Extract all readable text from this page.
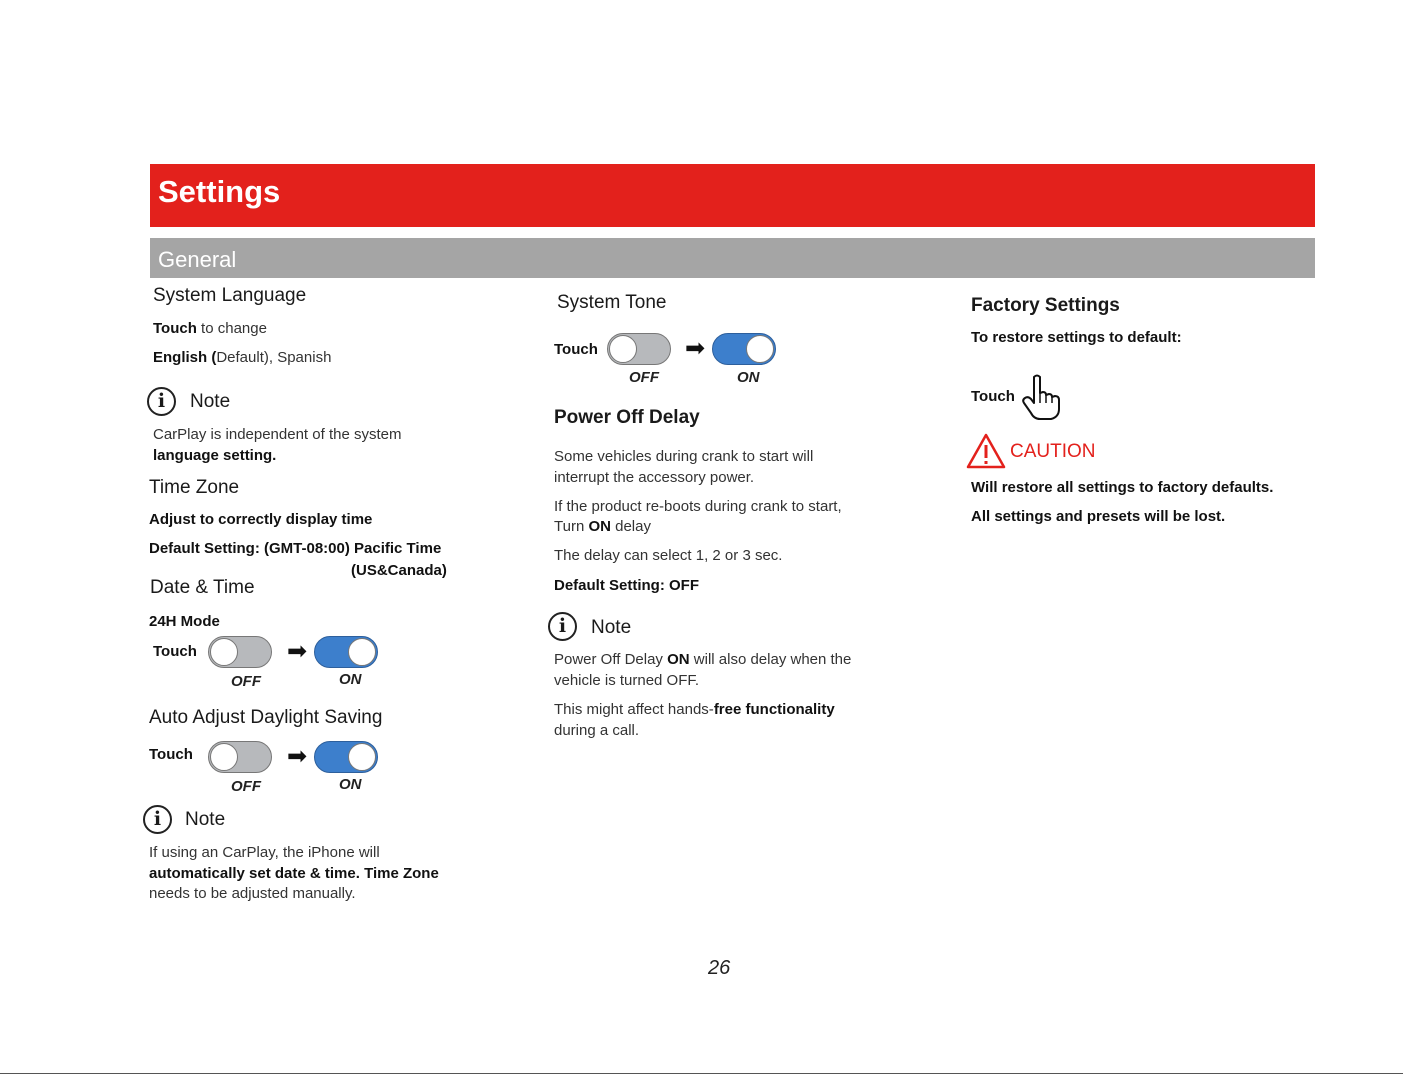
Settings
General
System Language
Touch to change
English (Default), Spanish
i	Note
CarPlay is independent of the system
language setting.
Time Zone
Adjust to correctly display time
Default Setting: (GMT-08:00) Pacific Time
(US&Canada)
Date & Time
24H Mode
Touch	➡
OFF	ON
Auto Adjust Daylight Saving
Touch	➡
OFF	ON
i	Note
If using an CarPlay, the iPhone will
automatically set date & time. Time Zone
needs to be adjusted manually.
System Tone
Touch	➡
OFF	ON
Power Off Delay
Some vehicles during crank to start will
interrupt the accessory power.
If the product re-boots during crank to start,
Turn ON delay
The delay can select 1, 2 or 3 sec.
Default Setting: OFF
i	Note
Power Off Delay ON will also delay when the
vehicle is turned OFF.
This might affect hands-free functionality
during a call.
Factory Settings
To restore settings to default:
Touch
CAUTION
Will restore all settings to factory defaults.
All settings and presets will be lost.
26
